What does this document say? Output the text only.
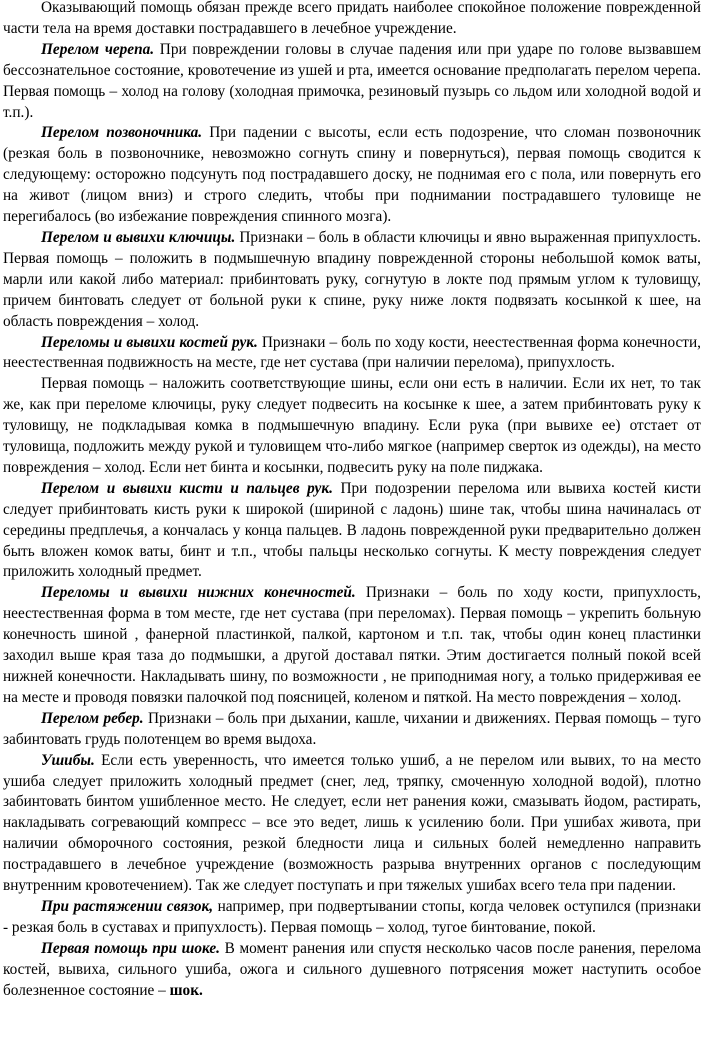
Оказывающий помощь обязан прежде всего придать наиболее спокойное положение поврежденной части тела на время доставки пострадавшего в лечебное учреждение.

Перелом черепа. При повреждении головы в случае падения или при ударе по голове вызвавшем бессознательное состояние, кровотечение из ушей и рта, имеется основание предполагать перелом черепа. Первая помощь – холод на голову (холодная примочка, резиновый пузырь со льдом или холодной водой и т.п.).

Перелом позвоночника. При падении с высоты, если есть подозрение, что сломан позвоночник (резкая боль в позвоночнике, невозможно согнуть спину и повернуться), первая помощь сводится к следующему: осторожно подсунуть под пострадавшего доску, не поднимая его с пола, или повернуть его на живот (лицом вниз) и строго следить, чтобы при поднимании пострадавшего туловище не перегибалось (во избежание повреждения спинного мозга).

Перелом и вывихи ключицы. Признаки – боль в области ключицы и явно выраженная припухлость. Первая помощь – положить в подмышечную впадину поврежденной стороны небольшой комок ваты, марли или какой либо материал: прибинтовать руку, согнутую в локте под прямым углом к туловищу, причем бинтовать следует от больной руки к спине, руку ниже локтя подвязать косынкой к шее, на область повреждения – холод.

Переломы и вывихи костей рук. Признаки – боль по ходу кости, неестественная форма конечности, неестественная подвижность на месте, где нет сустава (при наличии перелома), припухлость.

Первая помощь – наложить соответствующие шины, если они есть в наличии. Если их нет, то так же, как при переломе ключицы, руку следует подвесить на косынке к шее, а затем прибинтовать руку к туловищу, не подкладывая комка в подмышечную впадину. Если рука (при вывихе ее) отстает от туловища, подложить между рукой и туловищем что-либо мягкое (например сверток из одежды), на место повреждения – холод. Если нет бинта и косынки, подвесить руку на поле пиджака.

Перелом и вывихи кисти и пальцев рук. При подозрении перелома или вывиха костей кисти следует прибинтовать кисть руки к широкой (шириной с ладонь) шине так, чтобы шина начиналась от середины предплечья, а кончалась у конца пальцев. В ладонь поврежденной руки предварительно должен быть вложен комок ваты, бинт и т.п., чтобы пальцы несколько согнуты. К месту повреждения следует приложить холодный предмет.

Переломы и вывихи нижних конечностей. Признаки – боль по ходу кости, припухлость, неестественная форма в том месте, где нет сустава (при переломах). Первая помощь – укрепить больную конечность шиной , фанерной пластинкой, палкой, картоном и т.п. так, чтобы один конец пластинки заходил выше края таза до подмышки, а другой доставал пятки. Этим достигается полный покой всей нижней конечности. Накладывать шину, по возможности , не приподнимая ногу, а только придерживая ее на месте и проводя повязки палочкой под поясницей, коленом и пяткой. На место повреждения – холод.

Перелом ребер. Признаки – боль при дыхании, кашле, чихании и движениях. Первая помощь – туго забинтовать грудь полотенцем во время выдоха.

Ушибы. Если есть уверенность, что имеется только ушиб, а не перелом или вывих, то на место ушиба следует приложить холодный предмет (снег, лед, тряпку, смоченную холодной водой), плотно забинтовать бинтом ушибленное место. Не следует, если нет ранения кожи, смазывать йодом, растирать, накладывать согревающий компресс – все это ведет, лишь к усилению боли. При ушибах живота, при наличии обморочного состояния, резкой бледности лица и сильных болей немедленно направить пострадавшего в лечебное учреждение (возможность разрыва внутренних органов с последующим внутренним кровотечением). Так же следует поступать и при тяжелых ушибах всего тела при падении.

При растяжении связок, например, при подвертывании стопы, когда человек оступился (признаки - резкая боль в суставах и припухлость). Первая помощь – холод, тугое бинтование, покой.

Первая помощь при шоке. В момент ранения или спустя несколько часов после ранения, перелома костей, вывиха, сильного ушиба, ожога и сильного душевного потрясения может наступить особое болезненное состояние – шок.
